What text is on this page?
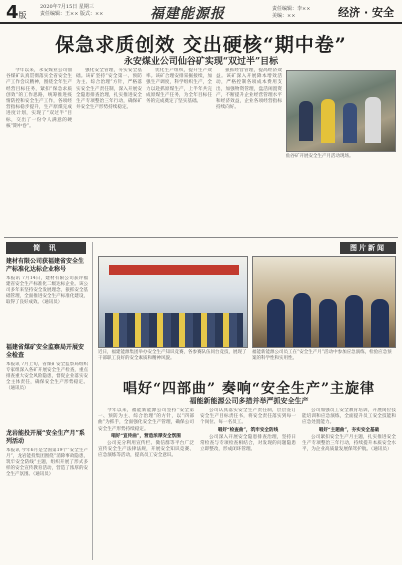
4版
2020年7月15日 星期三
责任编辑：王×× 版式：××	福建能源报	责任编辑：李××
美编：××	经济 · 安全
保急求质创效 交出硬核“期中卷”
永安煤业公司仙谷矿实现“双过半”目标

今年以来，永安煤业公司仙谷煤矿认真贯彻落实全省安全生产工作会议精神，围绕全年生产经营目标任务，紧扣“保急求质创效”的工作思路，统筹推进疫情防控和安全生产工作，各项经营指标稳步提升，生产原煤完成进度计划，实现了“双过半”目标，交出了一份令人满意的硬核“期中卷”。

强化安全管理，夯实安全基础。该矿坚持“安全第一、预防为主、综合治理”方针，严格落实安全生产责任制，深入开展安全隐患排查治理，扎实推进安全生产专项整治三年行动，确保矿井安全生产形势持续稳定。

优化生产组织，提升生产效率。该矿合理安排采掘接续，加强生产调度，科学组织生产，全力以赴抓原煤生产，上半年共完成原煤生产任务，为全年目标任务的完成奠定了坚实基础。

狠抓经营管理，提高经济效益。该矿深入开展降本增效活动，严格控制各项成本费用支出，加强物资管理，盘活闲置资产，不断提升企业经营管理水平和经济效益，企业各项经营指标持续向好。

仙谷矿开展安全生产月活动现场。
简 讯
建材有限公司获福建省安全生产标准化达标企业称号
本报讯 7月14日，建材有限公司获评福建省安全生产标准化二级达标企业。该公司多年来坚持安全发展理念，狠抓安全基础管理，全面推进安全生产标准化建设，取得了良好成效。（通讯员）
福建省煤矿安全监察局开展安全检查
本报讯 7月上旬，省煤矿安全监察局组织专家组深入各矿开展安全生产检查，重点排查重大安全风险隐患，督促企业落实安全主体责任，确保安全生产形势稳定。（通讯员）
龙岩能投开展“安全生产月”系列活动
本报讯 今年6月是全国第19个“安全生产月”，龙岩能投集团围绕“消除事故隐患，筑牢安全防线”主题，组织开展了形式多样的安全宣传教育活动，营造了浓厚的安全生产氛围。（通讯员）
图片新闻
近日，福建能源集团举办安全生产知识竞赛，各参赛队伍同台竞技，展现了干部职工良好的安全素质和精神风貌。
福能新能源公司员工在“安全生产月”活动中参加应急演练，检验应急预案的科学性和实用性。
唱好“四部曲” 奏响“安全生产”主旋律
福能新能源公司多措并举严抓安全生产

今年以来，福能新能源公司坚持“安全第一、预防为主、综合治理”的方针，以“四部曲”为抓手，全面强化安全生产管理，确保公司安全生产形势持续稳定。

唱好“宣传曲”，营造浓厚安全氛围

公司充分利用宣传栏、微信群等平台广泛宣传安全生产法律法规，开展安全知识竞赛、应急演练等活动，提高员工安全意识。

公司认真落实安全生产责任制，层层签订安全生产目标责任书，将安全责任落实到每一个岗位、每一名员工。

唱好“检查曲”，筑牢安全防线

公司深入开展安全隐患排查治理，坚持日常检查与专项检查相结合，对发现的问题隐患立即整改，形成闭环管理。

公司加强员工安全教育培训，开展岗位技能培训和应急演练，全面提升员工安全技能和应急处置能力。

唱好“主题曲”，夯实安全基础

公司紧扣安全生产月主题，扎实推进安全生产专项整治三年行动，持续提升本质安全水平，为企业高质量发展保驾护航。（通讯员）
